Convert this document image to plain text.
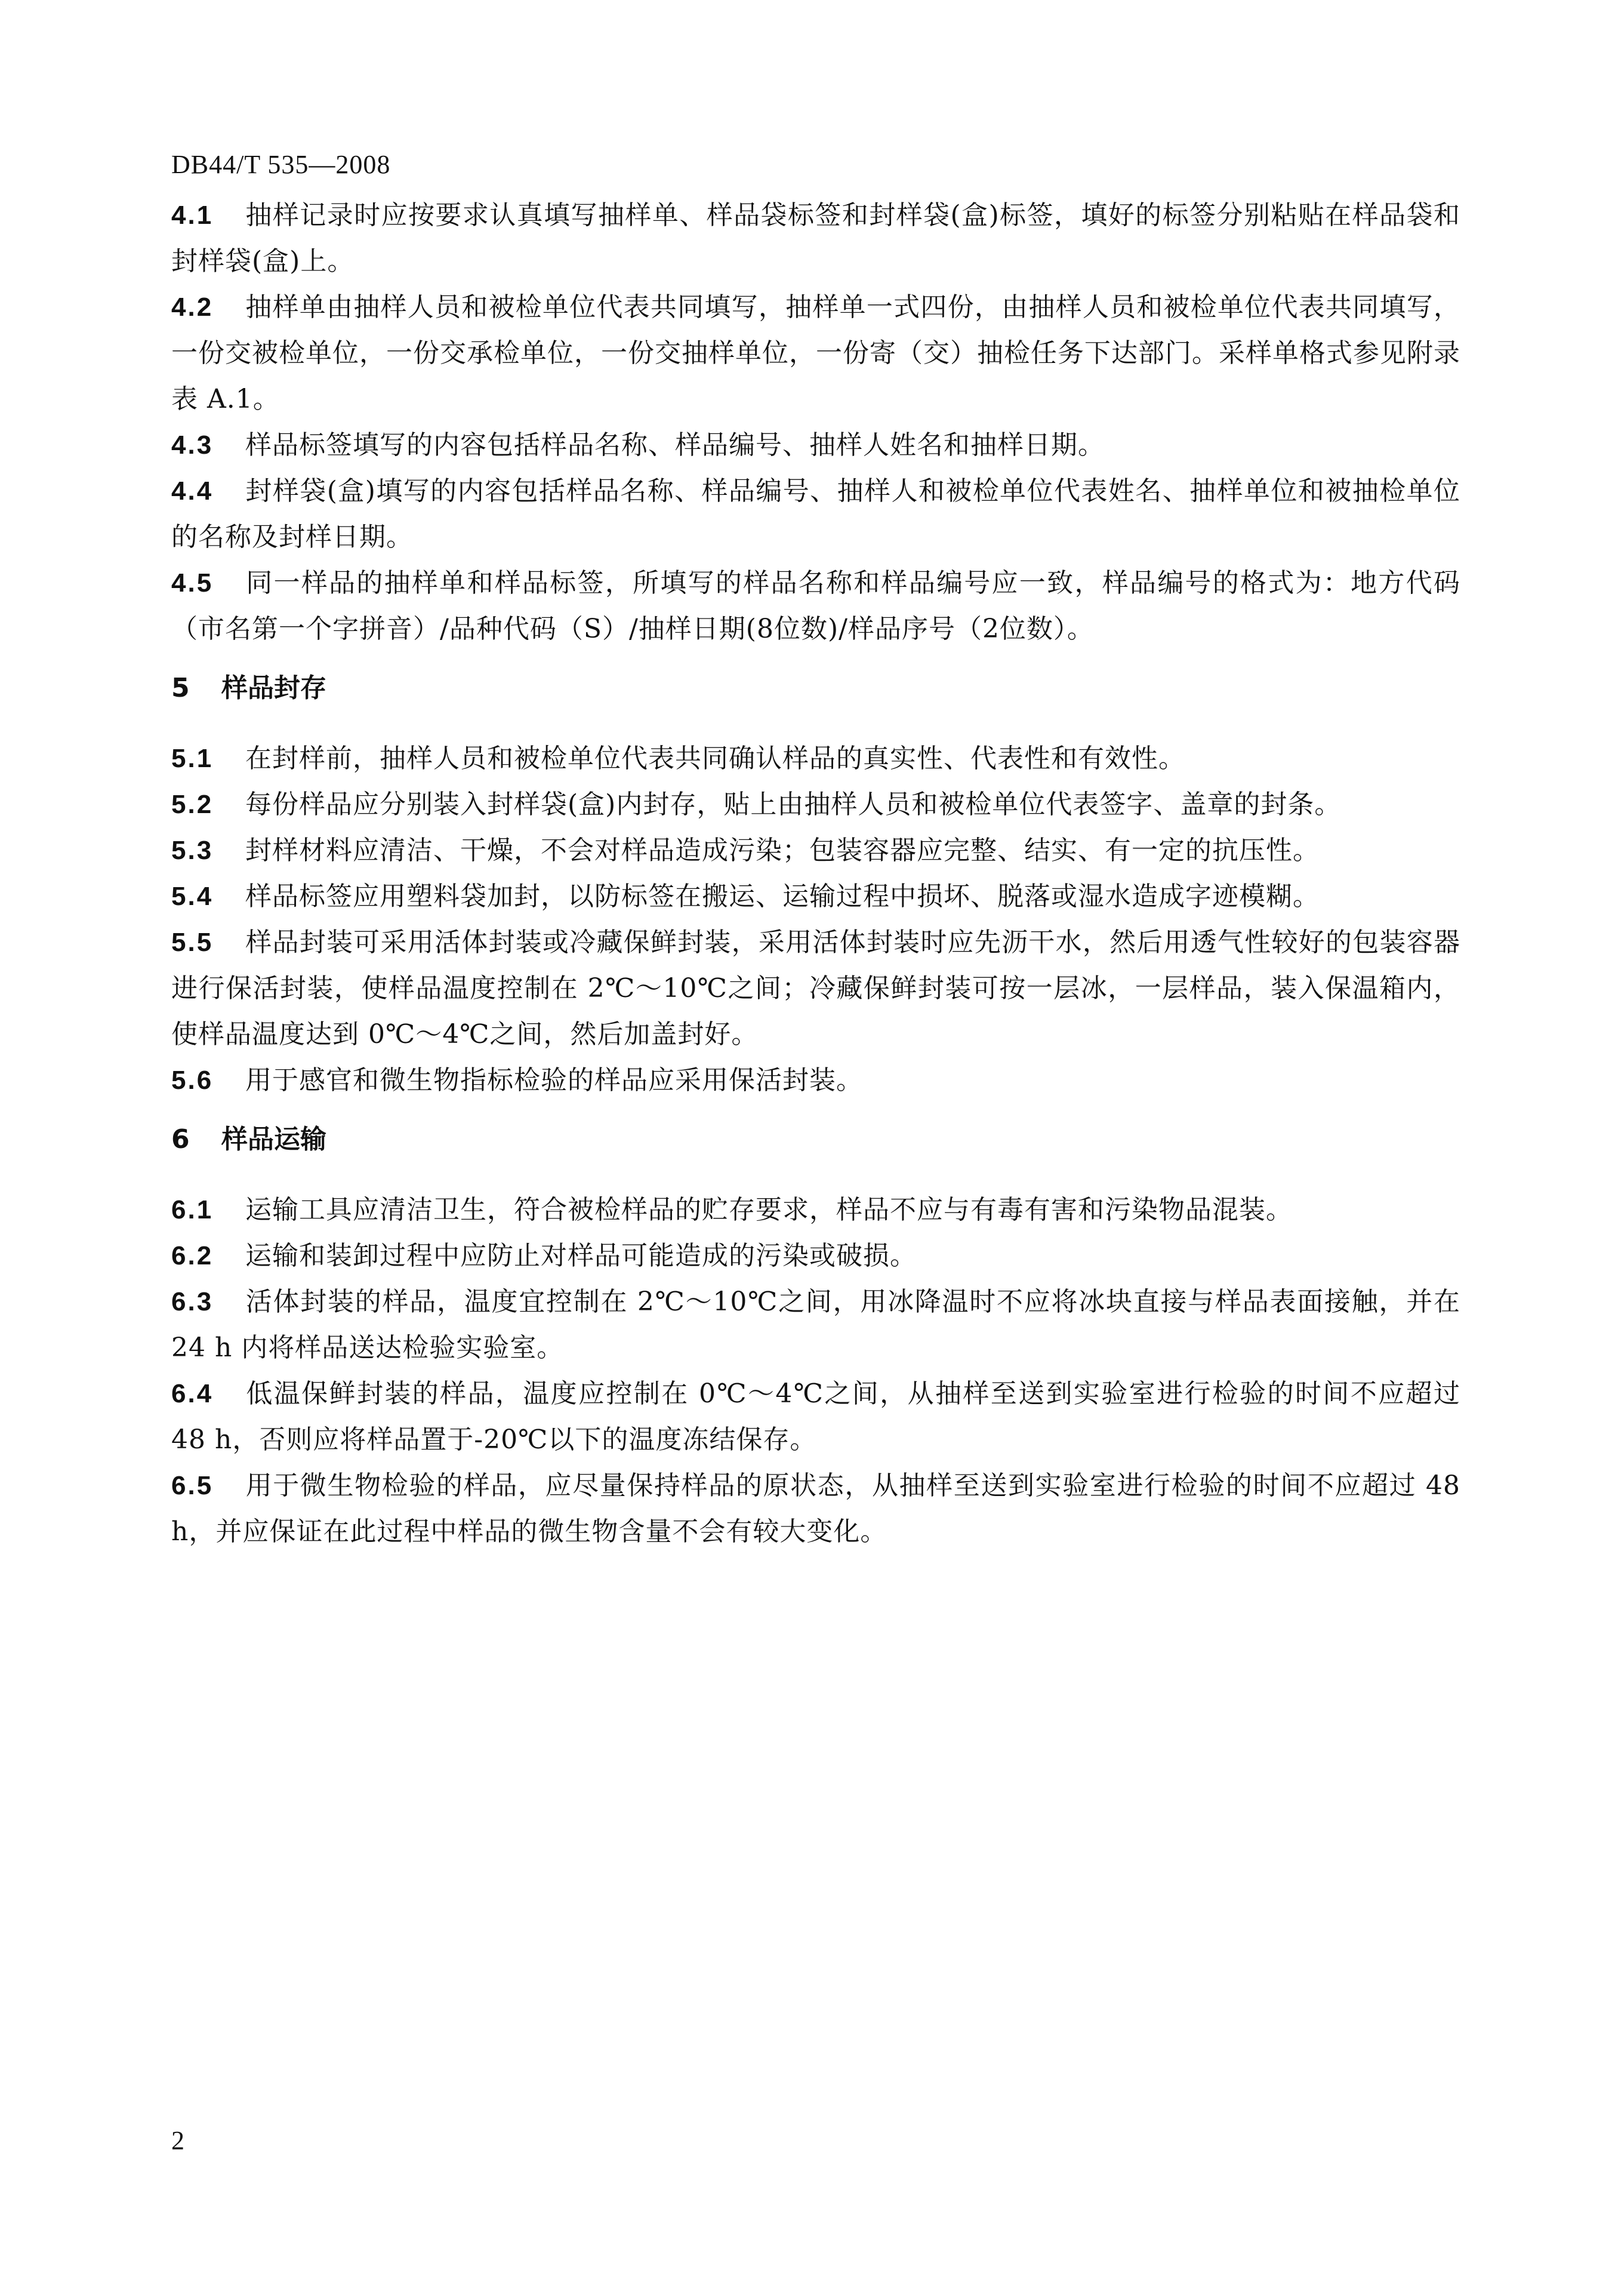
DB44/T 535—2008

4.1 抽样记录时应按要求认真填写抽样单、样品袋标签和封样袋(盒)标签，填好的标签分别粘贴在样品袋和封样袋(盒)上。

4.2 抽样单由抽样人员和被检单位代表共同填写，抽样单一式四份，由抽样人员和被检单位代表共同填写，一份交被检单位，一份交承检单位，一份交抽样单位，一份寄（交）抽检任务下达部门。采样单格式参见附录表 A.1。

4.3 样品标签填写的内容包括样品名称、样品编号、抽样人姓名和抽样日期。

4.4 封样袋(盒)填写的内容包括样品名称、样品编号、抽样人和被检单位代表姓名、抽样单位和被抽检单位的名称及封样日期。

4.5 同一样品的抽样单和样品标签，所填写的样品名称和样品编号应一致，样品编号的格式为：地方代码（市名第一个字拼音）/品种代码（S）/抽样日期(8位数)/样品序号（2位数）。

5 样品封存

5.1 在封样前，抽样人员和被检单位代表共同确认样品的真实性、代表性和有效性。

5.2 每份样品应分别装入封样袋(盒)内封存，贴上由抽样人员和被检单位代表签字、盖章的封条。

5.3 封样材料应清洁、干燥，不会对样品造成污染；包装容器应完整、结实、有一定的抗压性。

5.4 样品标签应用塑料袋加封，以防标签在搬运、运输过程中损坏、脱落或湿水造成字迹模糊。

5.5 样品封装可采用活体封装或冷藏保鲜封装，采用活体封装时应先沥干水，然后用透气性较好的包装容器进行保活封装，使样品温度控制在 2℃～10℃之间；冷藏保鲜封装可按一层冰，一层样品，装入保温箱内，使样品温度达到 0℃～4℃之间，然后加盖封好。

5.6 用于感官和微生物指标检验的样品应采用保活封装。

6 样品运输

6.1 运输工具应清洁卫生，符合被检样品的贮存要求，样品不应与有毒有害和污染物品混装。

6.2 运输和装卸过程中应防止对样品可能造成的污染或破损。

6.3 活体封装的样品，温度宜控制在 2℃～10℃之间，用冰降温时不应将冰块直接与样品表面接触，并在 24 h 内将样品送达检验实验室。

6.4 低温保鲜封装的样品，温度应控制在 0℃～4℃之间，从抽样至送到实验室进行检验的时间不应超过 48 h，否则应将样品置于-20℃以下的温度冻结保存。

6.5 用于微生物检验的样品，应尽量保持样品的原状态，从抽样至送到实验室进行检验的时间不应超过 48 h，并应保证在此过程中样品的微生物含量不会有较大变化。

2
